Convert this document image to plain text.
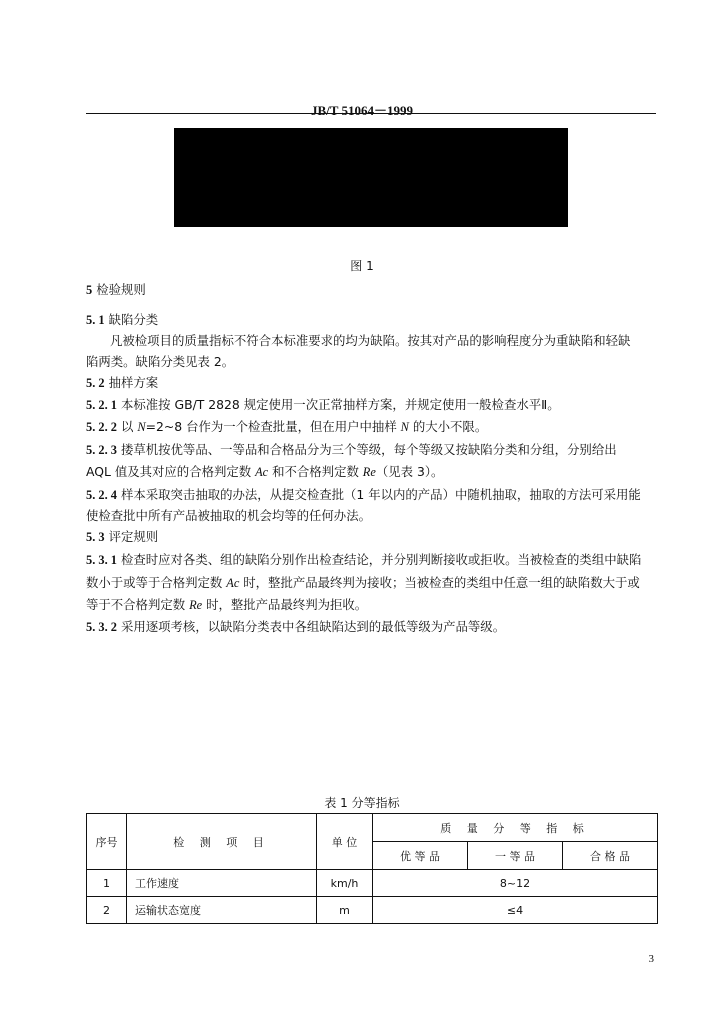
JB/T 51064－1999
图 1
5 检验规则
5. 1 缺陷分类
凡被检项目的质量指标不符合本标准要求的均为缺陷。按其对产品的影响程度分为重缺陷和轻缺
陷两类。缺陷分类见表 2。
5. 2 抽样方案
5. 2. 1 本标准按 GB/T 2828 规定使用一次正常抽样方案，并规定使用一般检查水平Ⅱ。
5. 2. 2 以 N=2~8 台作为一个检查批量，但在用户中抽样 N 的大小不限。
5. 2. 3 搂草机按优等品、一等品和合格品分为三个等级，每个等级又按缺陷分类和分组，分别给出
AQL 值及其对应的合格判定数 Ac 和不合格判定数 Re（见表 3）。
5. 2. 4 样本采取突击抽取的办法，从提交检查批（1 年以内的产品）中随机抽取，抽取的方法可采用能
使检查批中所有产品被抽取的机会均等的任何办法。
5. 3 评定规则
5. 3. 1 检查时应对各类、组的缺陷分别作出检查结论，并分别判断接收或拒收。当被检查的类组中缺陷
数小于或等于合格判定数 Ac 时，整批产品最终判为接收；当被检查的类组中任意一组的缺陷数大于或
等于不合格判定数 Re 时，整批产品最终判为拒收。
5. 3. 2 采用逐项考核，以缺陷分类表中各组缺陷达到的最低等级为产品等级。
表 1 分等指标
序号	检 测 项 目	单 位	质 量 分 等 指 标		
			优 等 品	一 等 品	合 格 品
1	工作速度	km/h	8~12		
2	运输状态宽度	m	≤4		
3
